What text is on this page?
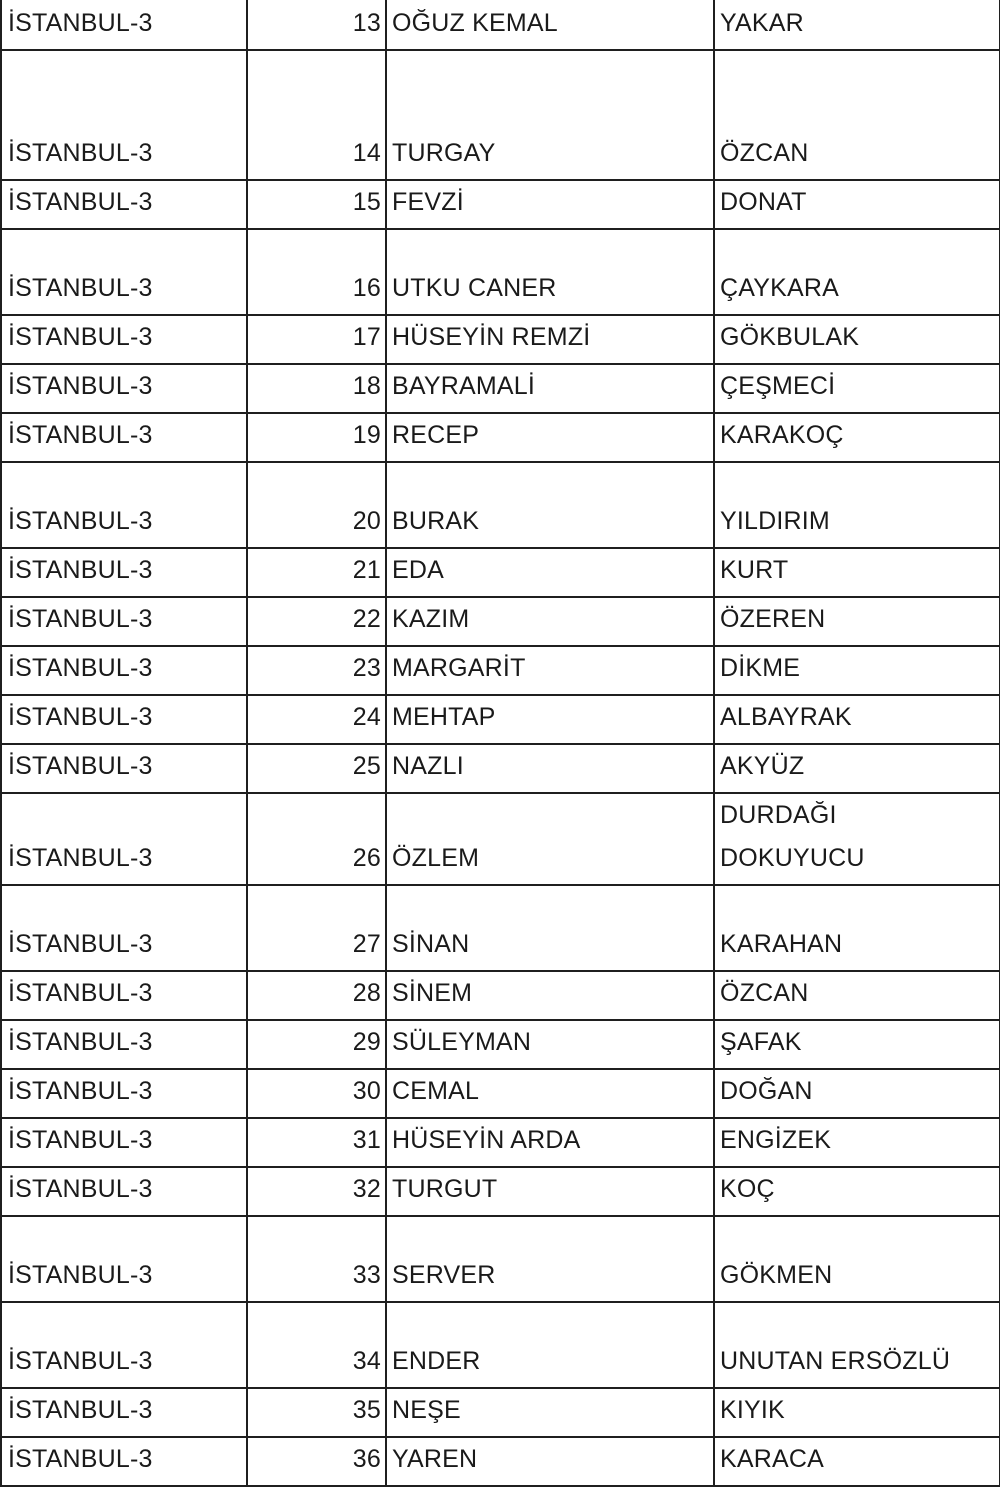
İSTANBUL-3	13	OĞUZ KEMAL	YAKAR
İSTANBUL-3	14	TURGAY	ÖZCAN
İSTANBUL-3	15	FEVZİ	DONAT
İSTANBUL-3	16	UTKU CANER	ÇAYKARA
İSTANBUL-3	17	HÜSEYİN REMZİ	GÖKBULAK
İSTANBUL-3	18	BAYRAMALİ	ÇEŞMECİ
İSTANBUL-3	19	RECEP	KARAKOÇ
İSTANBUL-3	20	BURAK	YILDIRIM
İSTANBUL-3	21	EDA	KURT
İSTANBUL-3	22	KAZIM	ÖZEREN
İSTANBUL-3	23	MARGARİT	DİKME
İSTANBUL-3	24	MEHTAP	ALBAYRAK
İSTANBUL-3	25	NAZLI	AKYÜZ
İSTANBUL-3	26	ÖZLEM	DURDAĞI
DOKUYUCU
İSTANBUL-3	27	SİNAN	KARAHAN
İSTANBUL-3	28	SİNEM	ÖZCAN
İSTANBUL-3	29	SÜLEYMAN	ŞAFAK
İSTANBUL-3	30	CEMAL	DOĞAN
İSTANBUL-3	31	HÜSEYİN ARDA	ENGİZEK
İSTANBUL-3	32	TURGUT	KOÇ
İSTANBUL-3	33	SERVER	GÖKMEN
İSTANBUL-3	34	ENDER	UNUTAN ERSÖZLÜ
İSTANBUL-3	35	NEŞE	KIYIK
İSTANBUL-3	36	YAREN	KARACA
